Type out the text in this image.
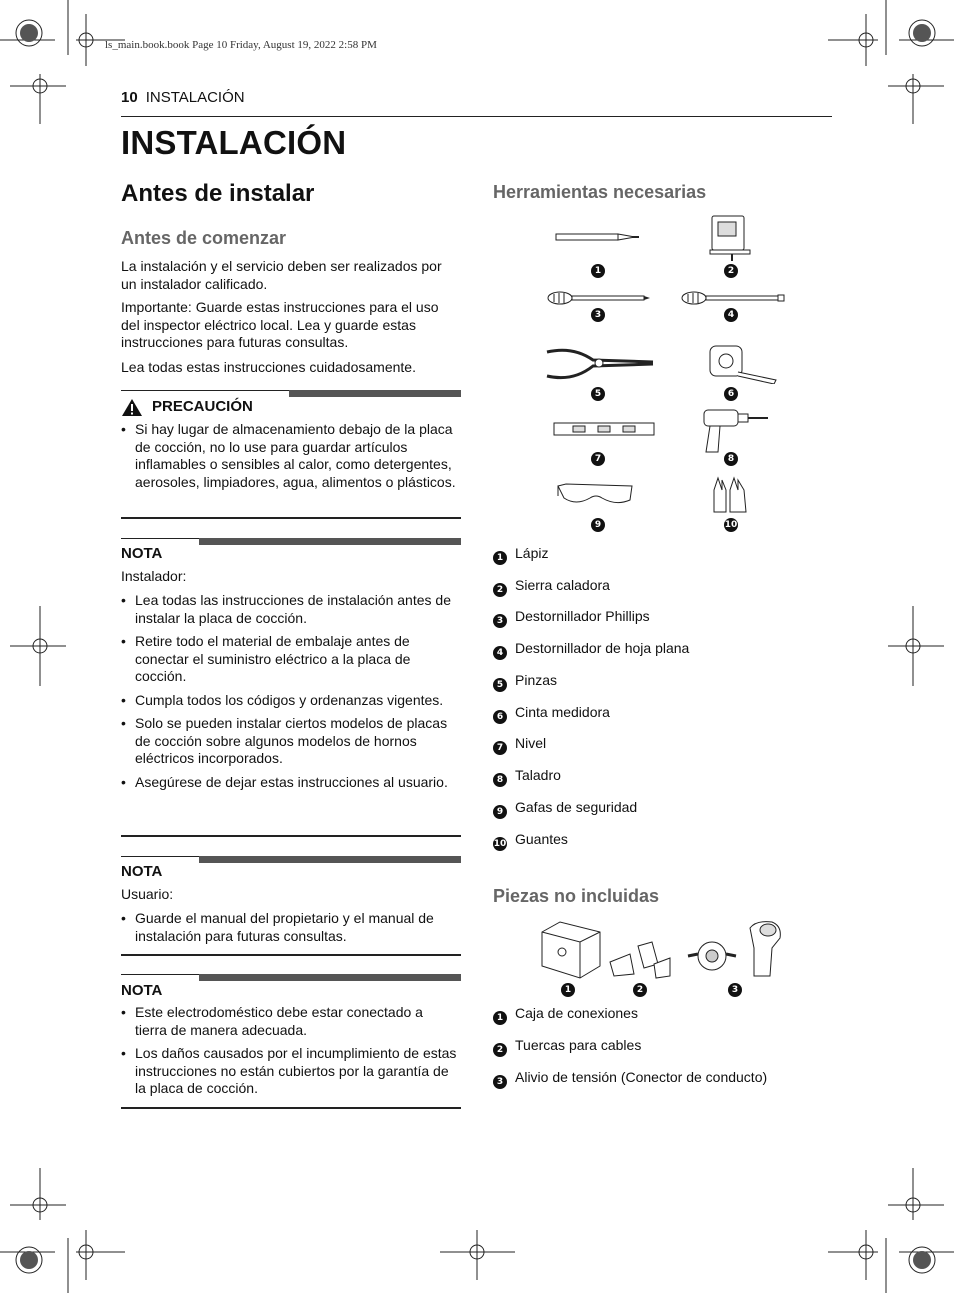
ls_main.book.book Page 10 Friday, August 19, 2022 2:58 PM
10 INSTALACIÓN
INSTALACIÓN
Antes de instalar
Antes de comenzar
La instalación y el servicio deben ser realizados por un instalador calificado.
Importante: Guarde estas instrucciones para el uso del inspector eléctrico local. Lea y guarde estas instrucciones para futuras consultas.
Lea todas estas instrucciones cuidadosamente.
PRECAUCIÓN
• Si hay lugar de almacenamiento debajo de la placa de cocción, no lo use para guardar artículos inflamables o sensibles al calor, como detergentes, aerosoles, limpiadores, agua, alimentos o plásticos.
NOTA
Instalador:
• Lea todas las instrucciones de instalación antes de instalar la placa de cocción.
• Retire todo el material de embalaje antes de conectar el suministro eléctrico a la placa de cocción.
• Cumpla todos los códigos y ordenanzas vigentes.
• Solo se pueden instalar ciertos modelos de placas de cocción sobre algunos modelos de hornos eléctricos incorporados.
• Asegúrese de dejar estas instrucciones al usuario.
NOTA
Usuario:
• Guarde el manual del propietario y el manual de instalación para futuras consultas.
NOTA
• Este electrodoméstico debe estar conectado a tierra de manera adecuada.
• Los daños causados por el incumplimiento de estas instrucciones no están cubiertos por la garantía de la placa de cocción.
Herramientas necesarias
1	2
3	4
5	6
7	8
9	10
1 Lápiz
2 Sierra caladora
3 Destornillador Phillips
4 Destornillador de hoja plana
5 Pinzas
6 Cinta medidora
7 Nivel
8 Taladro
9 Gafas de seguridad
10 Guantes
Piezas no incluidas
1	2	3
1 Caja de conexiones
2 Tuercas para cables
3 Alivio de tensión (Conector de conducto)
